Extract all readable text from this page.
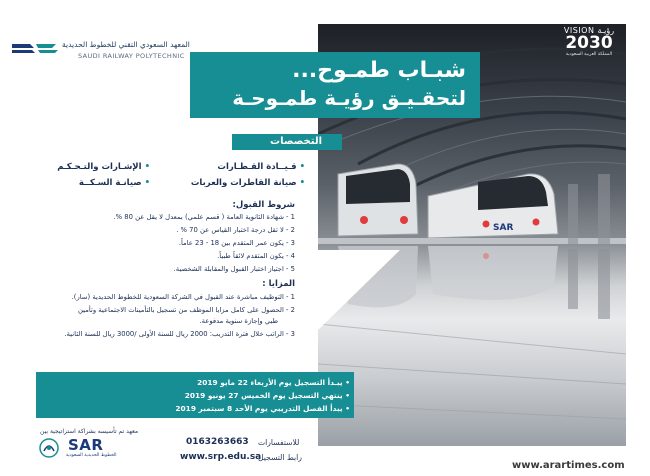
SAR
المعهد السعودي التقني للخطوط الحديدية
SAUDI RAILWAY POLYTECHNIC
VISION رؤيـة
2030
المملكة العربية السعودية
شبـاب طمـوح...
لتحقـيـق رؤيـة طمـوحـة
التخصصات
•قـيــادة القـطـارات
•الإشـارات والتـحـكـم
•صيانة القاطرات والعربات
•صيانـة السـكــة
شروط القبول:
1 - شهادة الثانوية العامة ( قسم علمي) بمعدل لا يقل عن 80 %.
2 - لا تقل درجة اختبار القياس عن 70 % .
3 - يكون عمر المتقدم بين 18 - 23 عاماً.
4 - يكون المتقدم لائقاً طبياً.
5 - اجتياز اختبار القبول والمقابلة الشخصية.
المزايا :
1 - التوظيف مباشرة عند القبول في الشركة السعودية للخطوط الحديدية (سار).
2 - الحصول على كامل مزايا الموظف من تسجيل بالتأمينات الاجتماعية وتأمين
طبي وإجازة سنوية مدفوعة.
3 - الراتب خلال فترة التدريب: 2000 ريال للسنة الأولى /3000 ريال للسنة الثانية.
• يبـدأ التسجيل يوم الأربعاء 22 مايو 2019
• ينتهي التسجيل يوم الخميس 27 يونيو 2019
• يبدأ الفصل التدريبي يوم الأحد 8 سبتمبر 2019
0163263663 للاستفسارات
www.srp.edu.sa
رابط التسجيل
معهد تم تأسيسه بشراكة استراتيجية بين
SAR
الخطوط الحديدية السعودية
www.arartimes.com
